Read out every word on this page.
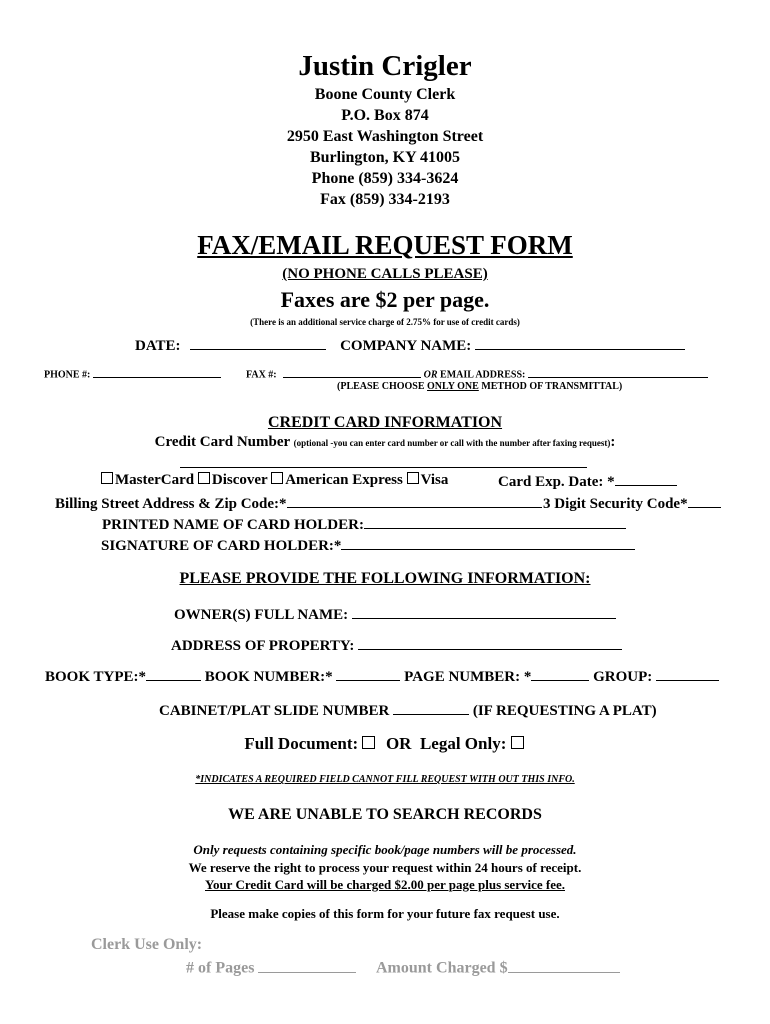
Justin Crigler
Boone County Clerk
P.O. Box 874
2950 East Washington Street
Burlington, KY 41005
Phone (859) 334-3624
Fax (859) 334-2193
FAX/EMAIL REQUEST FORM
(NO PHONE CALLS PLEASE)
Faxes are $2 per page.
(There is an additional service charge of 2.75% for use of credit cards)
DATE:	COMPANY NAME:
PHONE #:	FAX #:	OR EMAIL ADDRESS:
(PLEASE CHOOSE ONLY ONE METHOD OF TRANSMITTAL)
CREDIT CARD INFORMATION
Credit Card Number (optional -you can enter card number or call with the number after faxing request):
MasterCard Discover American Express Visa	Card Exp. Date: *
Billing Street Address & Zip Code:*	3 Digit Security Code*
PRINTED NAME OF CARD HOLDER:
SIGNATURE OF CARD HOLDER:*
PLEASE PROVIDE THE FOLLOWING INFORMATION:
OWNER(S) FULL NAME:
ADDRESS OF PROPERTY:
BOOK TYPE:*	BOOK NUMBER:*	PAGE NUMBER: *	GROUP:
CABINET/PLAT SLIDE NUMBER	(IF REQUESTING A PLAT)
Full Document: OR Legal Only:
*INDICATES A REQUIRED FIELD CANNOT FILL REQUEST WITH OUT THIS INFO.
WE ARE UNABLE TO SEARCH RECORDS
Only requests containing specific book/page numbers will be processed.
We reserve the right to process your request within 24 hours of receipt.
Your Credit Card will be charged $2.00 per page plus service fee.
Please make copies of this form for your future fax request use.
Clerk Use Only:
# of Pages	Amount Charged $
